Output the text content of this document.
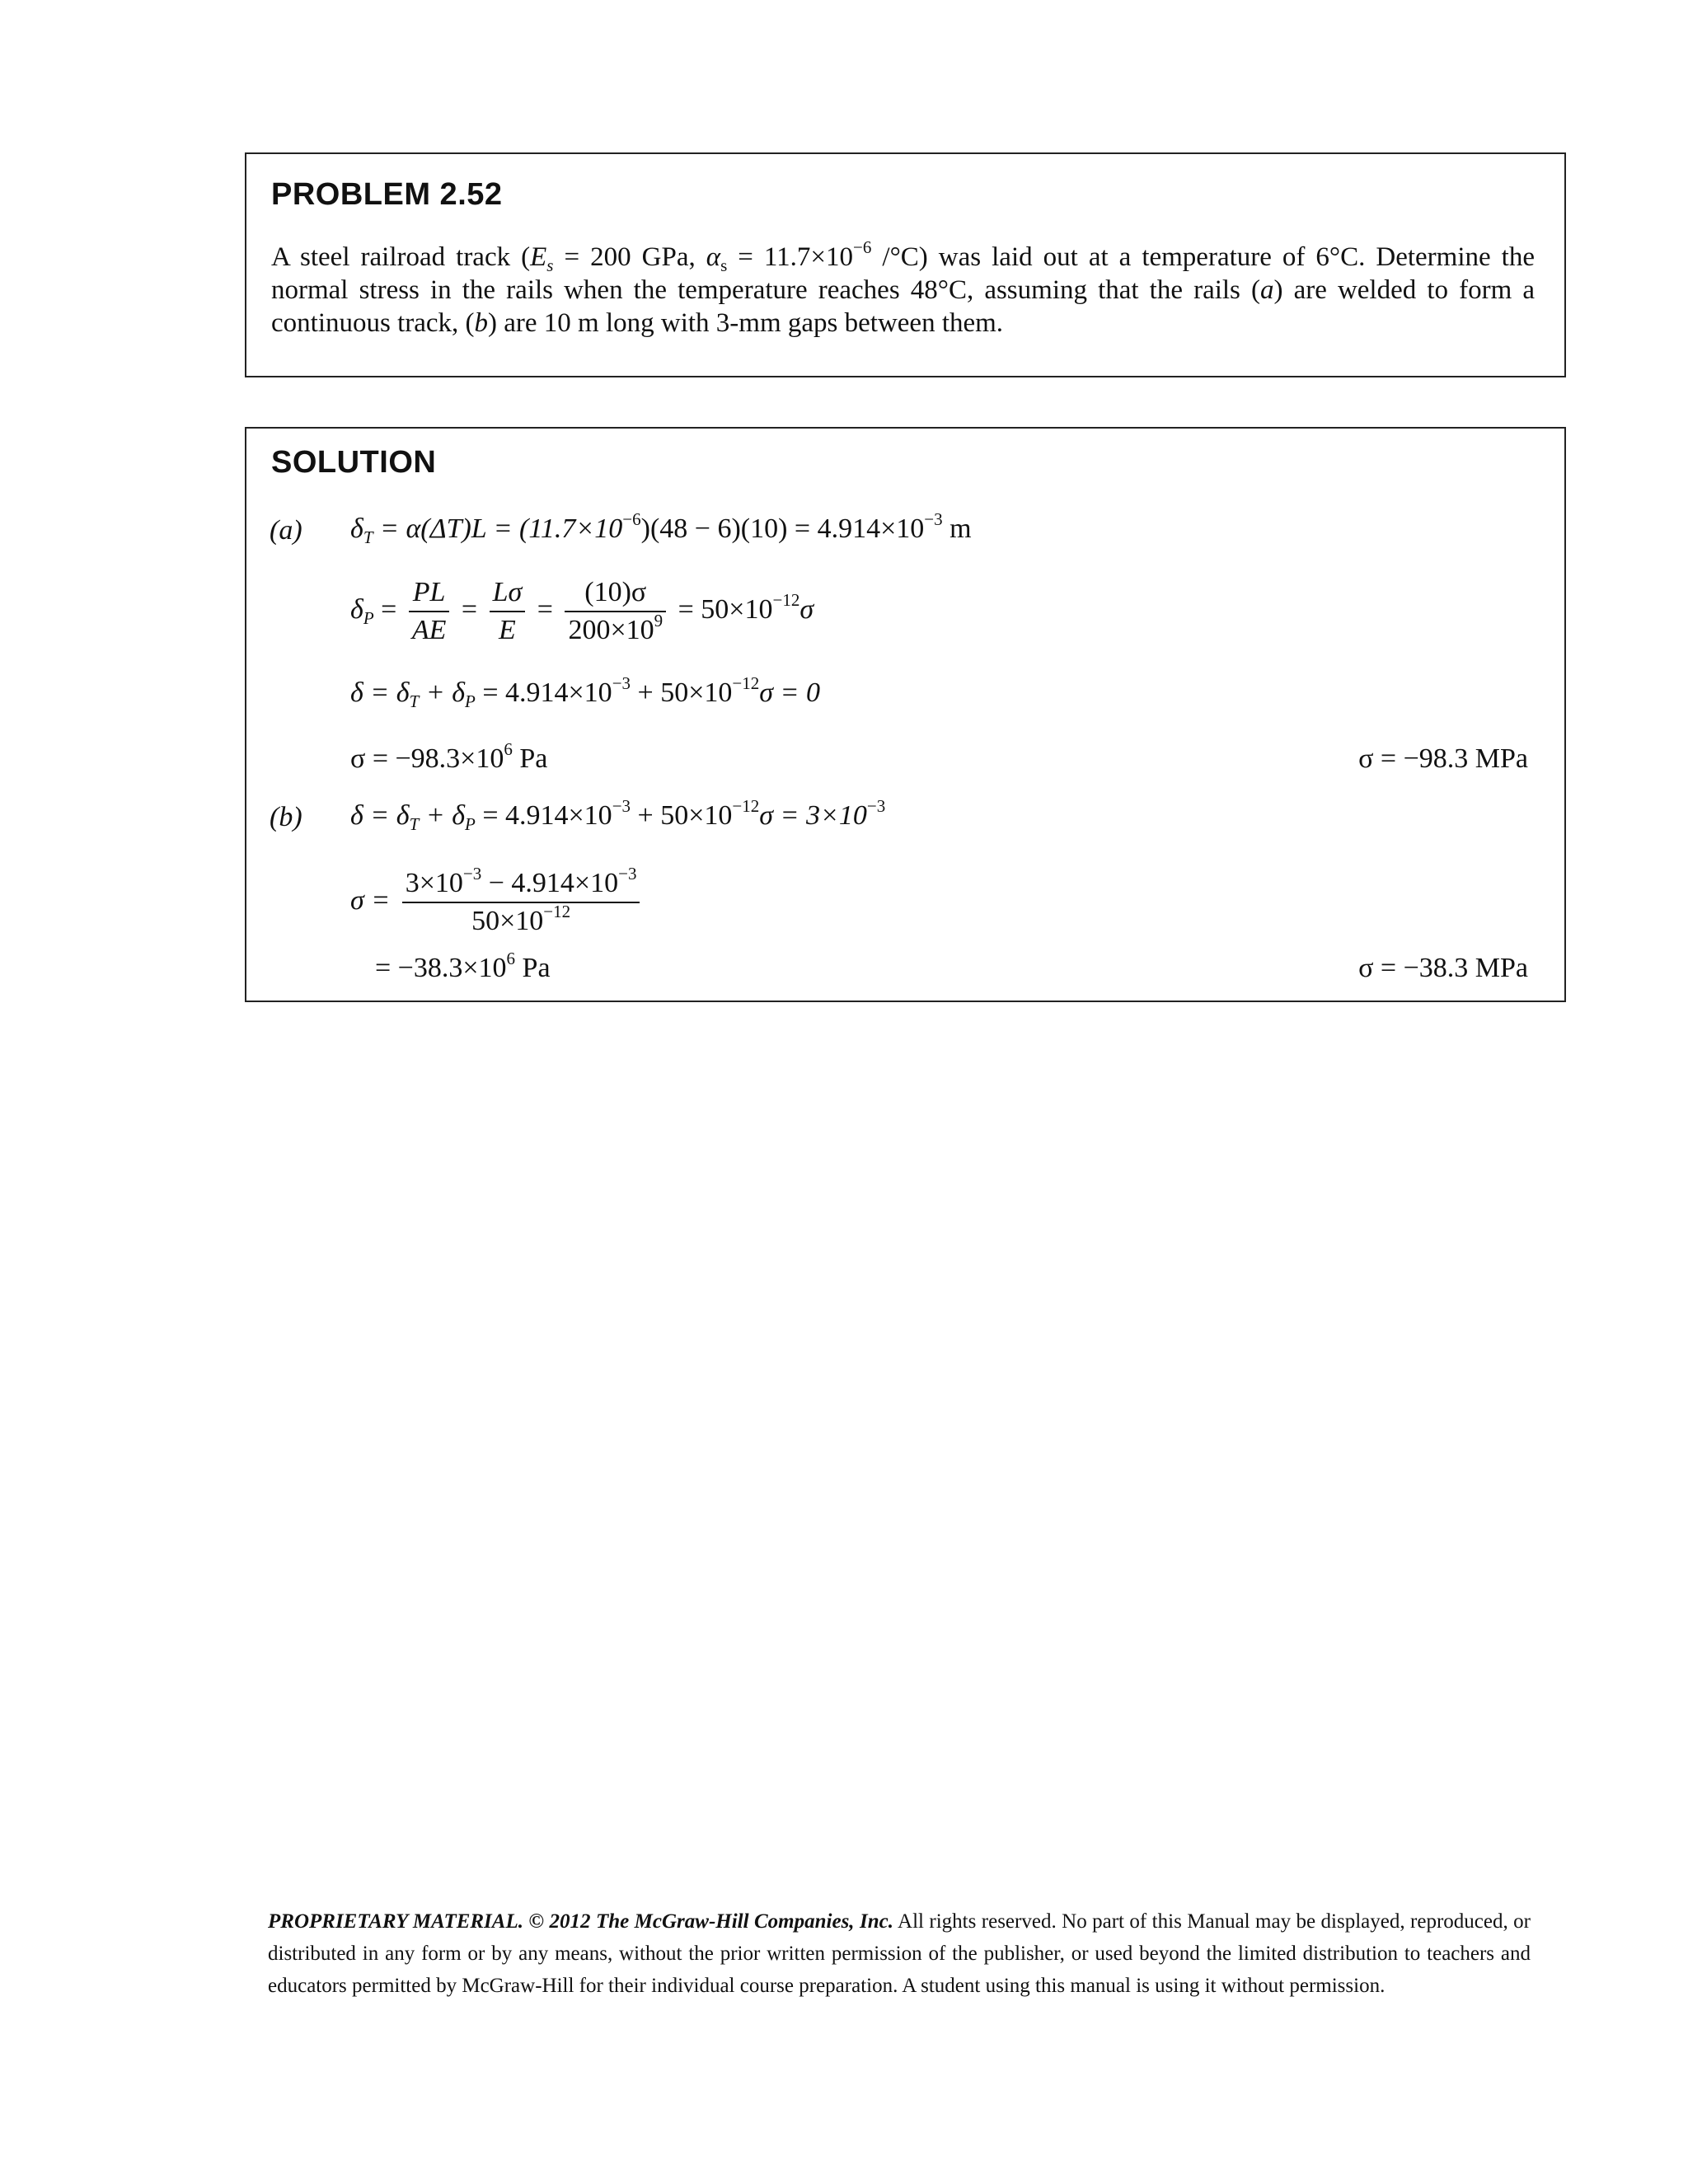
PROBLEM 2.52
A steel railroad track ($E_s = 200$ GPa, $\alpha_s = 11.7\times 10^{-6}$ /°C) was laid out at a temperature of 6°C. Determine the normal stress in the rails when the temperature reaches 48°C, assuming that the rails (a) are welded to form a continuous track, (b) are 10 m long with 3-mm gaps between them.
SOLUTION
(a) $\delta_T = \alpha(\Delta T)L = (11.7\times 10^{-6})(48 - 6)(10) = 4.914\times 10^{-3}$ m
$\delta_P = \frac{PL}{AE} = \frac{L\sigma}{E} = \frac{(10)\sigma}{200\times 10^9} = 50\times 10^{-12}\sigma$
$\delta = \delta_T + \delta_P = 4.914\times 10^{-3} + 50\times 10^{-12}\sigma = 0$
$\sigma = -98.3\times 10^6$ Pa	σ = −98.3 MPa
(b) $\delta = \delta_T + \delta_P = 4.914\times 10^{-3} + 50\times 10^{-12}\sigma = 3\times 10^{-3}$
$\sigma = \frac{3\times 10^{-3} - 4.914\times 10^{-3}}{50\times 10^{-12}}$
= $-38.3\times 10^6$ Pa	σ = −38.3 MPa
PROPRIETARY MATERIAL. © 2012 The McGraw-Hill Companies, Inc. All rights reserved. No part of this Manual may be displayed, reproduced, or distributed in any form or by any means, without the prior written permission of the publisher, or used beyond the limited distribution to teachers and educators permitted by McGraw-Hill for their individual course preparation. A student using this manual is using it without permission.
